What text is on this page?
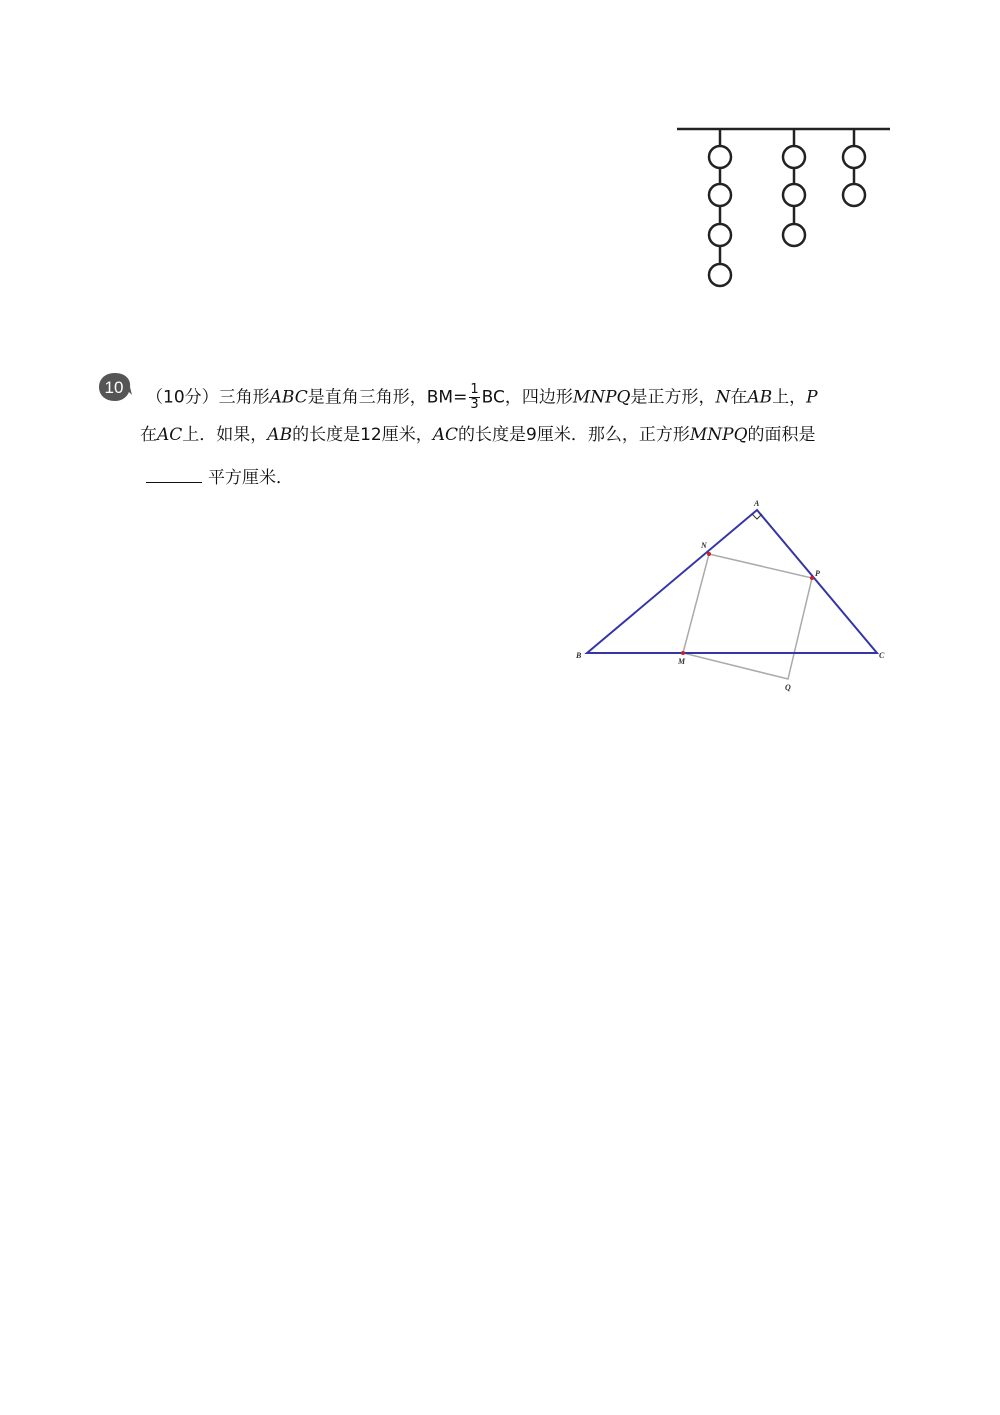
10 （10分）三角形ABC是直角三角形，$BM= \frac{1}{3}$ BC，四边形MNPQ是正方形，N在AB上，P
在AC上．如果，AB的长度是12厘米，AC的长度是9厘米．那么，正方形MNPQ的面积是
平方厘米．
A
B	C
M
N
P
Q
